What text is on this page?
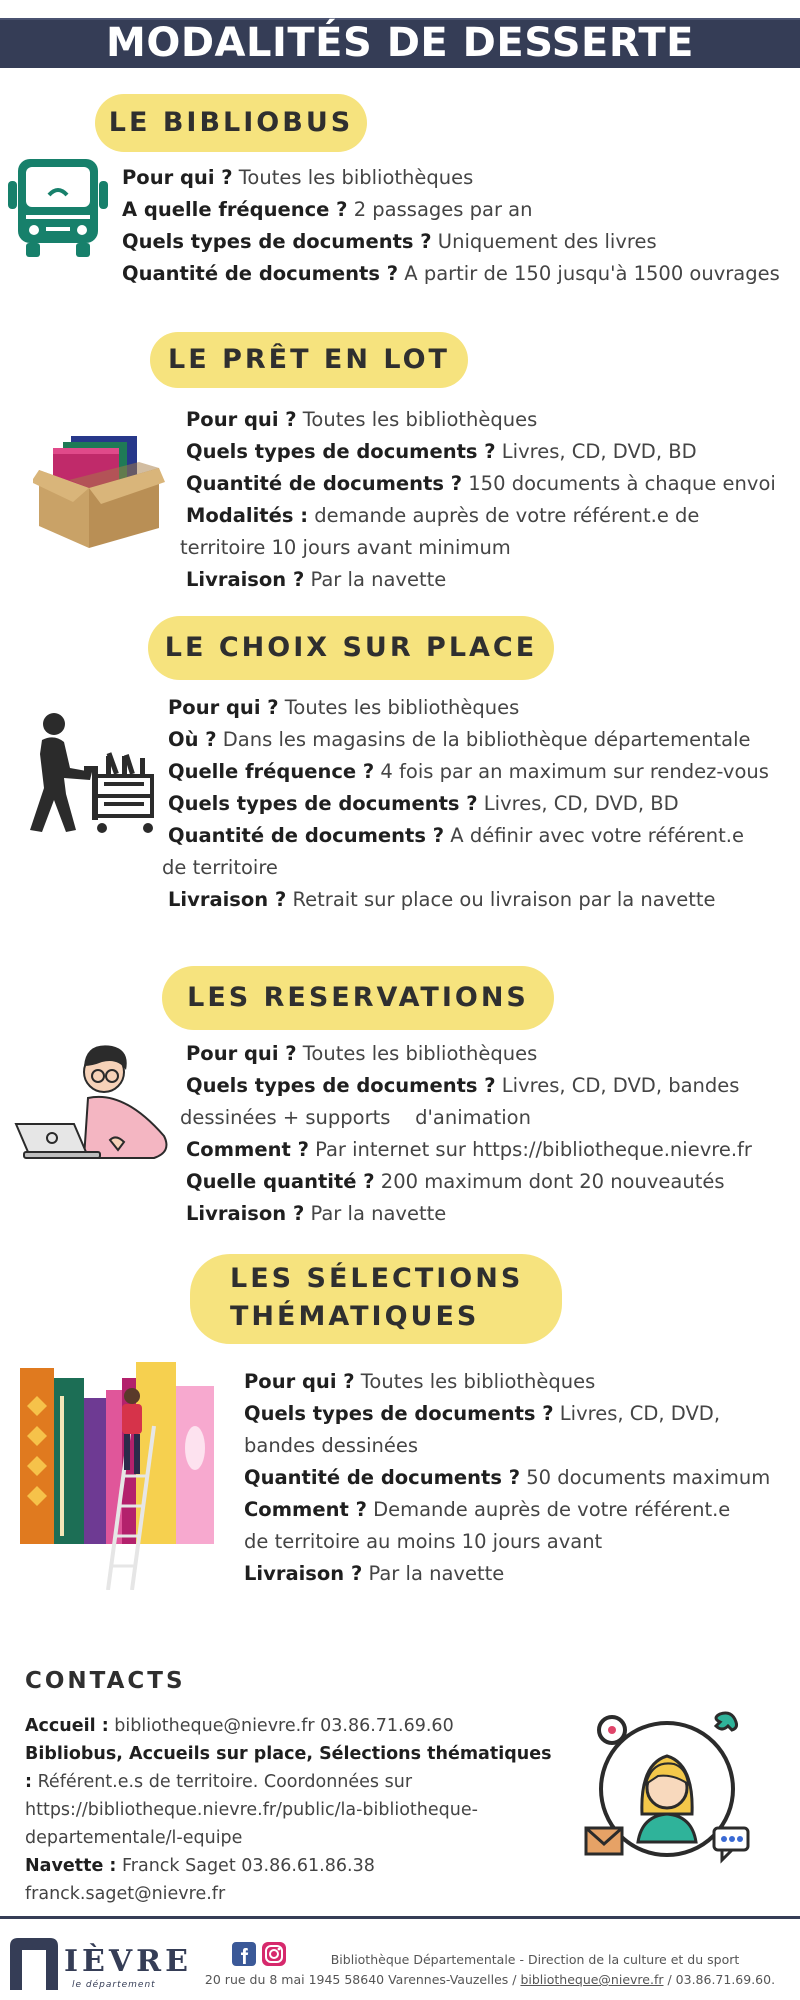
MODALITÉS DE DESSERTE
LE BIBLIOBUS
Pour qui ? Toutes les bibliothèques
A quelle fréquence ? 2 passages par an
Quels types de documents ? Uniquement des livres
Quantité de documents ? A partir de 150 jusqu'à 1500 ouvrages
LE PRÊT EN LOT
Pour qui ? Toutes les bibliothèques
Quels types de documents ? Livres, CD, DVD, BD
Quantité de documents ? 150 documents à chaque envoi
Modalités : demande auprès de votre référent.e de
territoire 10 jours avant minimum
Livraison ? Par la navette
LE CHOIX SUR PLACE
Pour qui ? Toutes les bibliothèques
Où ? Dans les magasins de la bibliothèque départementale
Quelle fréquence ? 4 fois par an maximum sur rendez-vous
Quels types de documents ? Livres, CD, DVD, BD
Quantité de documents ? A définir avec votre référent.e
de territoire
Livraison ? Retrait sur place ou livraison par la navette
LES RESERVATIONS
Pour qui ? Toutes les bibliothèques
Quels types de documents ? Livres, CD, DVD, bandes
dessinées + supports    d'animation
Comment ? Par internet sur https://bibliotheque.nievre.fr
Quelle quantité ? 200 maximum dont 20 nouveautés
Livraison ? Par la navette
LES SÉLECTIONS
THÉMATIQUES
Pour qui ? Toutes les bibliothèques
Quels types de documents ? Livres, CD, DVD,
bandes dessinées
Quantité de documents ? 50 documents maximum
Comment ? Demande auprès de votre référent.e
de territoire au moins 10 jours avant
Livraison ? Par la navette
CONTACTS
Accueil : bibliotheque@nievre.fr 03.86.71.69.60
Bibliobus, Accueils sur place, Sélections thématiques
: Référent.e.s de territoire. Coordonnées sur
https://bibliotheque.nievre.fr/public/la-bibliotheque-
departementale/l-equipe
Navette : Franck Saget 03.86.61.86.38
franck.saget@nievre.fr
IÈVRE
le département
Bibliothèque Départementale - Direction de la culture et du sport
20 rue du 8 mai 1945 58640 Varennes-Vauzelles / bibliotheque@nievre.fr / 03.86.71.69.60.
